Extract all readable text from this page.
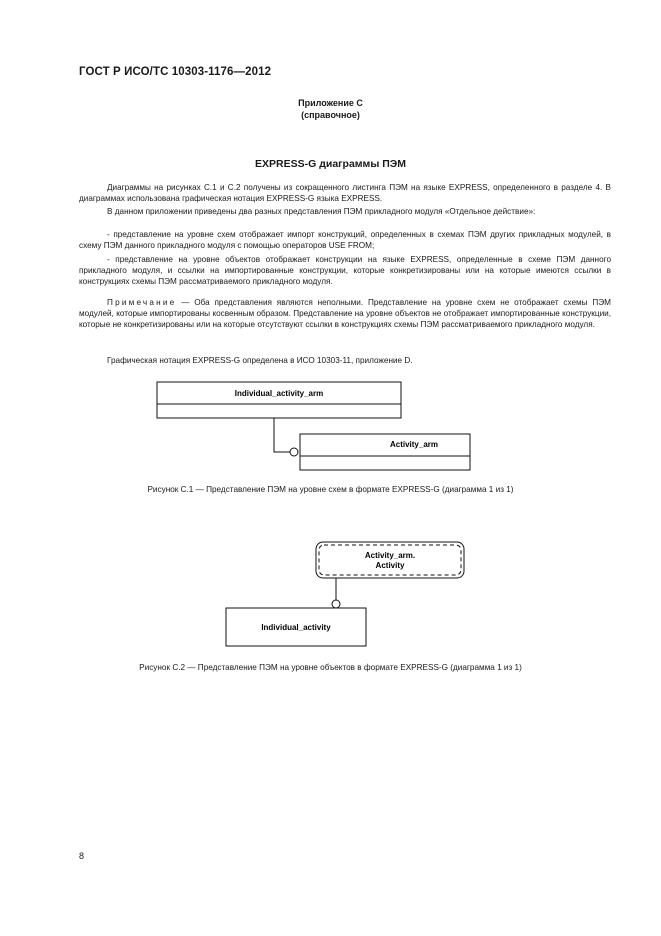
ГОСТ Р ИСО/ТС 10303-1176—2012
Приложение С
(справочное)
EXPRESS-G диаграммы ПЭМ

Диаграммы на рисунках С.1 и С.2 получены из сокращенного листинга ПЭМ на языке EXPRESS, определенного в разделе 4. В диаграммах использована графическая нотация EXPRESS-G языка EXPRESS.

В данном приложении приведены два разных представления ПЭМ прикладного модуля «Отдельное действие»:

- представление на уровне схем отображает импорт конструкций, определенных в схемах ПЭМ других прикладных модулей, в схему ПЭМ данного прикладного модуля с помощью операторов USE FROM;

- представление на уровне объектов отображает конструкции на языке EXPRESS, определенные в схеме ПЭМ данного прикладного модуля, и ссылки на импортированные конструкции, которые конкретизированы или на которые имеются ссылки в конструкциях схемы ПЭМ рассматриваемого прикладного модуля.

Примечание — Оба представления являются неполными. Представление на уровне схем не отображает схемы ПЭМ модулей, которые импортированы косвенным образом. Представление на уровне объектов не отображает импортированные конструкции, которые не конкретизированы или на которые отсутствуют ссылки в конструкциях схемы ПЭМ рассматриваемого прикладного модуля.

Графическая нотация EXPRESS-G определена в ИСО 10303-11, приложение D.
Individual_activity_arm
Activity_arm
Рисунок С.1 — Представление ПЭМ на уровне схем в формате EXPRESS-G (диаграмма 1 из 1)
Activity_arm.
Activity
Individual_activity
Рисунок С.2 — Представление ПЭМ на уровне объектов в формате EXPRESS-G (диаграмма 1 из 1)
8
